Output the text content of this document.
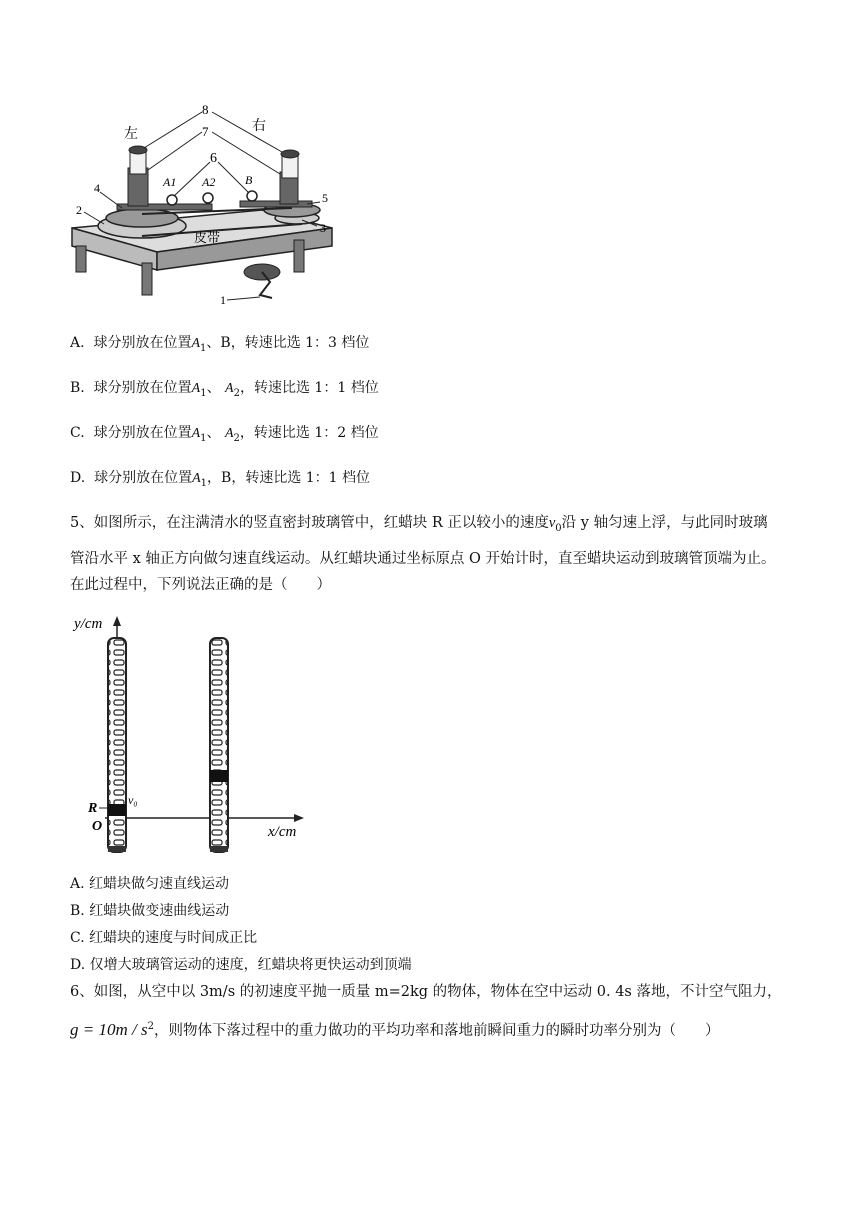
左
右
8
7
6
A1 A2 B
4
2
5
3
皮带
1
A. 球分别放在位置$A_1$、B，转速比选 1：3 档位
B. 球分别放在位置$A_1$、 $A_2$，转速比选 1：1 档位
C. 球分别放在位置$A_1$、 $A_2$，转速比选 1：2 档位
D. 球分别放在位置$A_1$，B，转速比选 1：1 档位
5、如图所示，在注满清水的竖直密封玻璃管中，红蜡块 R 正以较小的速度$v_0$沿 y 轴匀速上浮，与此同时玻璃
管沿水平 x 轴正方向做匀速直线运动。从红蜡块通过坐标原点 O 开始计时，直至蜡块运动到玻璃管顶端为止。
在此过程中，下列说法正确的是（　　）
y/cm
x/cm
R
O
v₀
A. 红蜡块做匀速直线运动
B. 红蜡块做变速曲线运动
C. 红蜡块的速度与时间成正比
D. 仅增大玻璃管运动的速度，红蜡块将更快运动到顶端
6、如图，从空中以 3m/s 的初速度平抛一质量 m=2kg 的物体，物体在空中运动 0. 4s 落地，不计空气阻力，
$g = 10m / s^2$，则物体下落过程中的重力做功的平均功率和落地前瞬间重力的瞬时功率分别为（　　）
